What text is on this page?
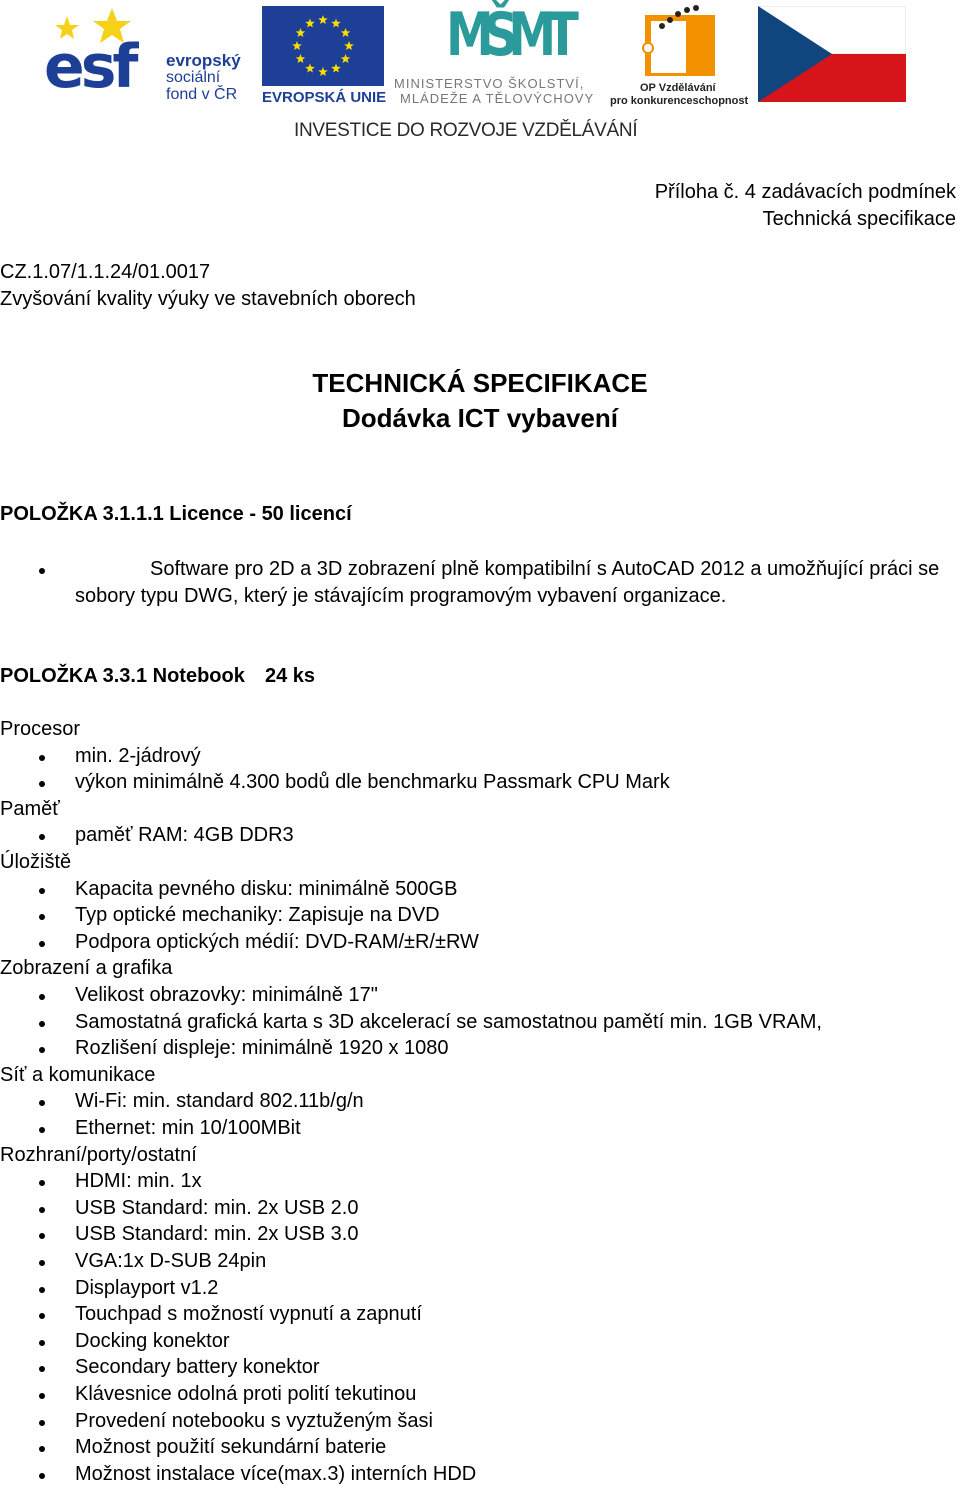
esf evropský
sociální
fond v ČR EVROPSKÁ UNIE
MŠMT
MINISTERSTVO ŠKOLSTVÍ,
MLÁDEŽE A TĚLOVÝCHOVY
OP Vzdělávání
pro konkurenceschopnost
INVESTICE DO ROZVOJE VZDĚLÁVÁNÍ
Příloha č. 4 zadávacích podmínek
Technická specifikace
CZ.1.07/1.1.24/01.0017
Zvyšování kvality výuky ve stavebních oborech
TECHNICKÁ SPECIFIKACE
Dodávka ICT vybavení
POLOŽKA 3.1.1.1 Licence - 50 licencí
Software pro 2D a 3D zobrazení plně kompatibilní s AutoCAD 2012 a umožňující práci se
sobory typu DWG, který je stávajícím programovým vybavení organizace.
POLOŽKA 3.3.1 Notebook 24 ks
Procesor
min. 2-jádrový
výkon minimálně 4.300 bodů dle benchmarku Passmark CPU Mark
Paměť
paměť RAM: 4GB DDR3
Úložiště
Kapacita pevného disku: minimálně 500GB
Typ optické mechaniky: Zapisuje na DVD
Podpora optických médií: DVD-RAM/±R/±RW
Zobrazení a grafika
Velikost obrazovky: minimálně 17"
Samostatná grafická karta s 3D akcelerací se samostatnou pamětí min. 1GB VRAM,
Rozlišení displeje: minimálně 1920 x 1080
Síť a komunikace
Wi-Fi: min. standard 802.11b/g/n
Ethernet: min 10/100MBit
Rozhraní/porty/ostatní
HDMI: min. 1x
USB Standard: min. 2x USB 2.0
USB Standard: min. 2x USB 3.0
VGA:1x D-SUB 24pin
Displayport v1.2
Touchpad s možností vypnutí a zapnutí
Docking konektor
Secondary battery konektor
Klávesnice odolná proti polití tekutinou
Provedení notebooku s vyztuženým šasi
Možnost použití sekundární baterie
Možnost instalace více(max.3) interních HDD
